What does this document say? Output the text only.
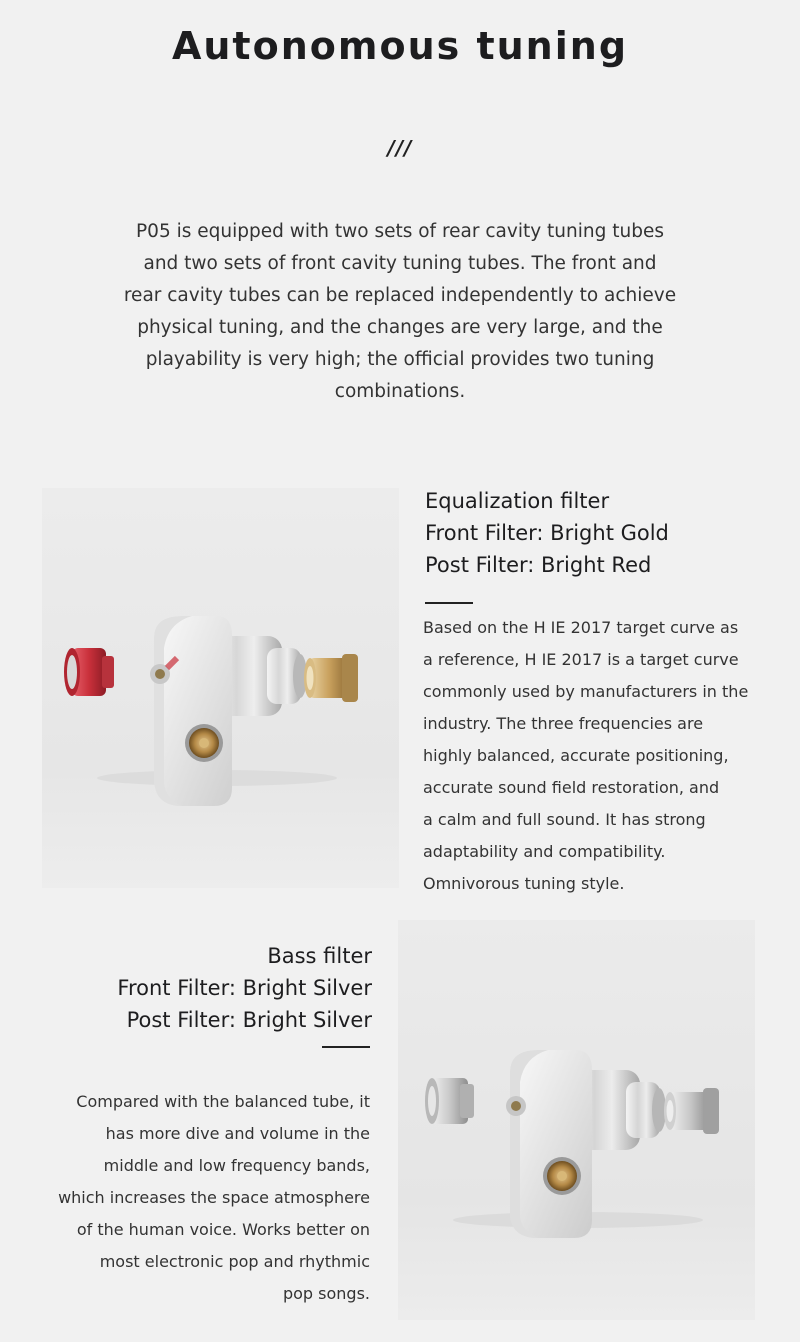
Autonomous tuning
///
P05 is equipped with two sets of rear cavity tuning tubes
and two sets of front cavity tuning tubes. The front and
rear cavity tubes can be replaced independently to achieve
physical tuning, and the changes are very large, and the
playability is very high; the official provides two tuning
combinations.
Equalization filter
Front Filter: Bright Gold
Post Filter: Bright Red
Based on the H IE 2017 target curve as
a reference, H IE 2017 is a target curve
commonly used by manufacturers in the
industry. The three frequencies are
highly balanced, accurate positioning,
accurate sound field restoration, and
a calm and full sound. It has strong
adaptability and compatibility.
Omnivorous tuning style.
Bass filter
Front Filter: Bright Silver
Post Filter: Bright Silver
Compared with the balanced tube, it
has more dive and volume in the
middle and low frequency bands,
which increases the space atmosphere
of the human voice. Works better on
most electronic pop and rhythmic
pop songs.
